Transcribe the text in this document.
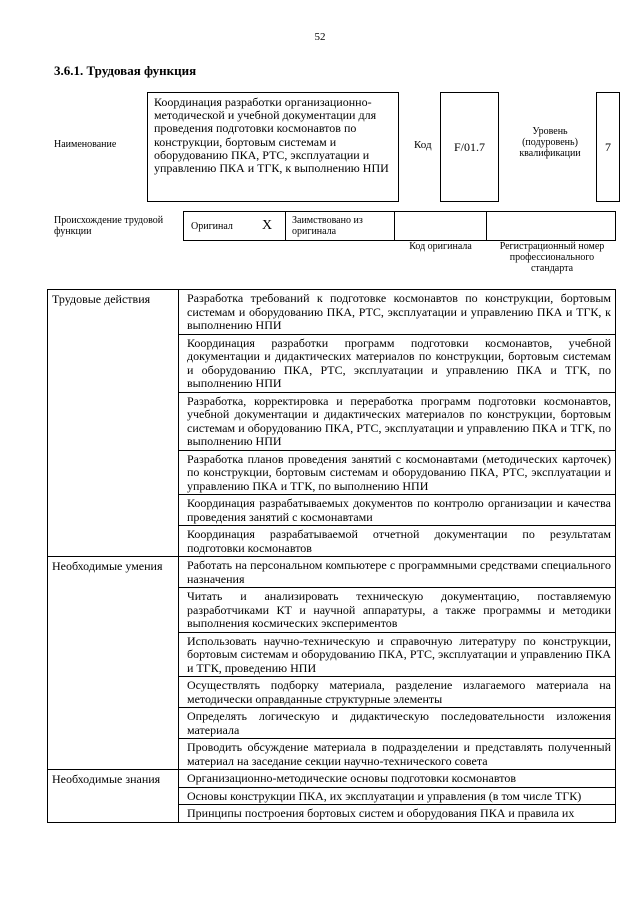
52
3.6.1. Трудовая функция
Наименование
Координация разработки организационно-методической и учебной документации для проведения подготовки космонавтов по конструкции, бортовым системам и оборудованию ПКА, РТС, эксплуатации и управлению ПКА и ТГК, к выполнению НПИ
Код F/01.7
Уровень (подуровень) квалификации	7
Происхождение трудовой функции	Оригинал X Заимствовано из оригинала
Код оригинала	Регистрационный номер профессионального стандарта
Трудовые действия	Разработка требований к подготовке космонавтов по конструкции, бортовым системам и оборудованию ПКА, РТС, эксплуатации и управлению ПКА и ТГК, к выполнению НПИ
	Координация разработки программ подготовки космонавтов, учебной документации и дидактических материалов по конструкции, бортовым системам и оборудованию ПКА, РТС, эксплуатации и управлению ПКА и ТГК, по выполнению НПИ
	Разработка, корректировка и переработка программ подготовки космонавтов, учебной документации и дидактических материалов по конструкции, бортовым системам и оборудованию ПКА, РТС, эксплуатации и управлению ПКА и ТГК, по выполнению НПИ
	Разработка планов проведения занятий с космонавтами (методических карточек) по конструкции, бортовым системам и оборудованию ПКА, РТС, эксплуатации и управлению ПКА и ТГК, по выполнению НПИ
	Координация разрабатываемых документов по контролю организации и качества проведения занятий с космонавтами
	Координация разрабатываемой отчетной документации по результатам подготовки космонавтов
Необходимые умения	Работать на персональном компьютере с программными средствами специального назначения
	Читать и анализировать техническую документацию, поставляемую разработчиками КТ и научной аппаратуры, а также программы и методики выполнения космических экспериментов
	Использовать научно-техническую и справочную литературу по конструкции, бортовым системам и оборудованию ПКА, РТС, эксплуатации и управлению ПКА и ТГК, проведению НПИ
	Осуществлять подборку материала, разделение излагаемого материала на методически оправданные структурные элементы
	Определять логическую и дидактическую последовательности изложения материала
	Проводить обсуждение материала в подразделении и представлять полученный материал на заседание секции научно-технического совета
Необходимые знания	Организационно-методические основы подготовки космонавтов
	Основы конструкции ПКА, их эксплуатации и управления (в том числе ТГК)
	Принципы построения бортовых систем и оборудования ПКА и правила их
